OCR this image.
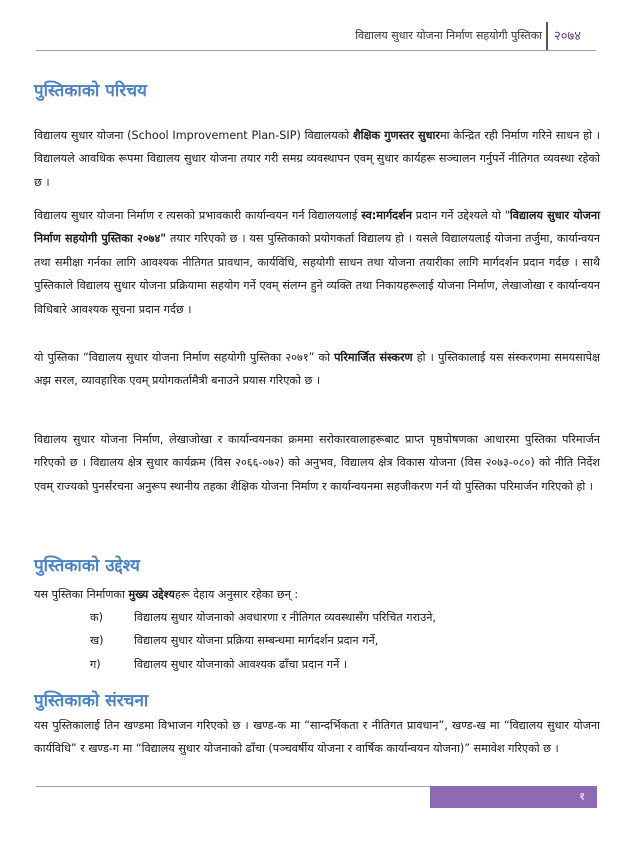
विद्यालय सुधार योजना निर्माण सहयोगी पुस्तिका २०७४
पुस्तिकाको परिचय

विद्यालय सुधार योजना (School Improvement Plan-SIP) विद्यालयको शैक्षिक गुणस्तर सुधारमा केन्द्रित रही निर्माण गरिने साधन हो । विद्यालयले आवधिक रूपमा विद्यालय सुधार योजना तयार गरी समग्र व्यवस्थापन एवम् सुधार कार्यहरू सञ्चालन गर्नुपर्ने नीतिगत व्यवस्था रहेको छ ।

विद्यालय सुधार योजना निर्माण र त्यसको प्रभावकारी कार्यान्वयन गर्न विद्यालयलाई स्व:मार्गदर्शन प्रदान गर्ने उद्देश्यले यो "विद्यालय सुधार योजना निर्माण सहयोगी पुस्तिका २०७४" तयार गरिएको छ । यस पुस्तिकाको प्रयोगकर्ता विद्यालय हो । यसले विद्यालयलाई योजना तर्जुमा, कार्यान्वयन तथा समीक्षा गर्नका लागि आवश्यक नीतिगत प्रावधान, कार्यविधि, सहयोगी साधन तथा योजना तयारीका लागि मार्गदर्शन प्रदान गर्दछ । साथै पुस्तिकाले विद्यालय सुधार योजना प्रक्रियामा सहयोग गर्ने एवम् संलग्न हुने व्यक्ति तथा निकायहरूलाई योजना निर्माण, लेखाजोखा र कार्यान्वयन विधिबारे आवश्यक सूचना प्रदान गर्दछ ।

यो पुस्तिका “विद्यालय सुधार योजना निर्माण सहयोगी पुस्तिका २०७१” को परिमार्जित संस्करण हो । पुस्तिकालाई यस संस्करणमा समयसापेक्ष अझ सरल, व्यावहारिक एवम् प्रयोगकर्तामैत्री बनाउने प्रयास गरिएको छ ।

विद्यालय सुधार योजना निर्माण, लेखाजोखा र कार्यान्वयनका क्रममा सरोकारवालाहरूबाट प्राप्त पृष्ठपोषणका आधारमा पुस्तिका परिमार्जन गरिएको छ । विद्यालय क्षेत्र सुधार कार्यक्रम (विस २०६६-०७२) को अनुभव, विद्यालय क्षेत्र विकास योजना (विस २०७३-०८०) को नीति निर्देश एवम् राज्यको पुनर्संरचना अनुरूप स्थानीय तहका शैक्षिक योजना निर्माण र कार्यान्वयनमा सहजीकरण गर्न यो पुस्तिका परिमार्जन गरिएको हो ।

पुस्तिकाको उद्देश्य

यस पुस्तिका निर्माणका मुख्य उद्देश्यहरू देहाय अनुसार रहेका छन् :

क)	विद्यालय सुधार योजनाको अवधारणा र नीतिगत व्यवस्थासँग परिचित गराउने,
ख)	विद्यालय सुधार योजना प्रक्रिया सम्बन्धमा मार्गदर्शन प्रदान गर्ने,
ग)	विद्यालय सुधार योजनाको आवश्यक ढाँचा प्रदान गर्ने ।
पुस्तिकाको संरचना

यस पुस्तिकालाई तिन खण्डमा विभाजन गरिएको छ । खण्ड-क मा “सान्दर्भिकता र नीतिगत प्रावधान”, खण्ड-ख मा “विद्यालय सुधार योजना कार्यविधि” र खण्ड-ग मा “विद्यालय सुधार योजनाको ढाँचा (पञ्चवर्षीय योजना र वार्षिक कार्यान्वयन योजना)” समावेश गरिएको छ ।

१
